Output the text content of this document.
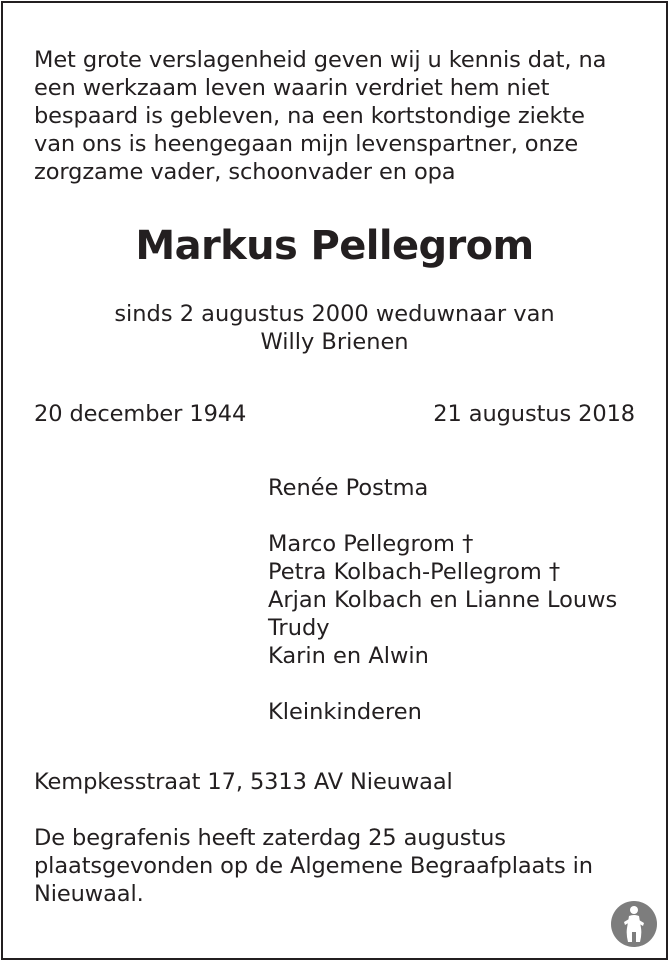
Met grote verslagenheid geven wij u kennis dat, na
een werkzaam leven waarin verdriet hem niet
bespaard is gebleven, na een kortstondige ziekte
van ons is heengegaan mijn levenspartner, onze
zorgzame vader, schoonvader en opa
Markus Pellegrom
sinds 2 augustus 2000 weduwnaar van
Willy Brienen
20 december 1944	21 augustus 2018
Renée Postma
Marco Pellegrom †
Petra Kolbach-Pellegrom †
Arjan Kolbach en Lianne Louws
Trudy
Karin en Alwin
Kleinkinderen
Kempkesstraat 17, 5313 AV Nieuwaal
De begrafenis heeft zaterdag 25 augustus
plaatsgevonden op de Algemene Begraafplaats in
Nieuwaal.
